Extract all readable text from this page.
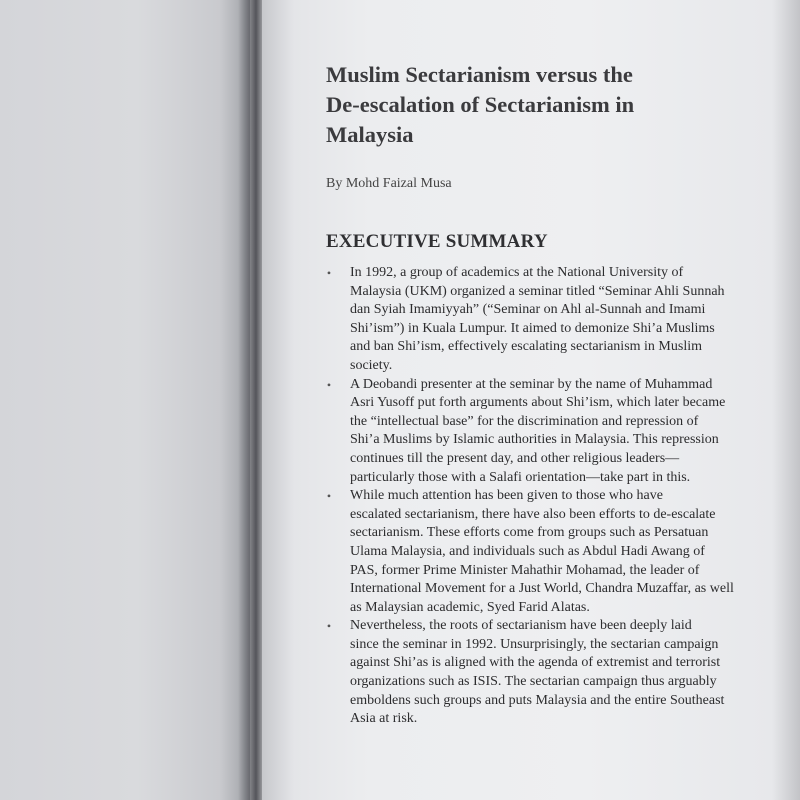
Muslim Sectarianism versus the
De-escalation of Sectarianism in
Malaysia

By Mohd Faizal Musa

EXECUTIVE SUMMARY
• In 1992, a group of academics at the National University of
Malaysia (UKM) organized a seminar titled “Seminar Ahli Sunnah
dan Syiah Imamiyyah” (“Seminar on Ahl al-Sunnah and Imami
Shi’ism”) in Kuala Lumpur. It aimed to demonize Shi’a Muslims
and ban Shi’ism, effectively escalating sectarianism in Muslim
society.
• A Deobandi presenter at the seminar by the name of Muhammad
Asri Yusoff put forth arguments about Shi’ism, which later became
the “intellectual base” for the discrimination and repression of
Shi’a Muslims by Islamic authorities in Malaysia. This repression
continues till the present day, and other religious leaders—
particularly those with a Salafi orientation—take part in this.
• While much attention has been given to those who have
escalated sectarianism, there have also been efforts to de-escalate
sectarianism. These efforts come from groups such as Persatuan
Ulama Malaysia, and individuals such as Abdul Hadi Awang of
PAS, former Prime Minister Mahathir Mohamad, the leader of
International Movement for a Just World, Chandra Muzaffar, as well
as Malaysian academic, Syed Farid Alatas.
• Nevertheless, the roots of sectarianism have been deeply laid
since the seminar in 1992. Unsurprisingly, the sectarian campaign
against Shi’as is aligned with the agenda of extremist and terrorist
organizations such as ISIS. The sectarian campaign thus arguably
emboldens such groups and puts Malaysia and the entire Southeast
Asia at risk.
